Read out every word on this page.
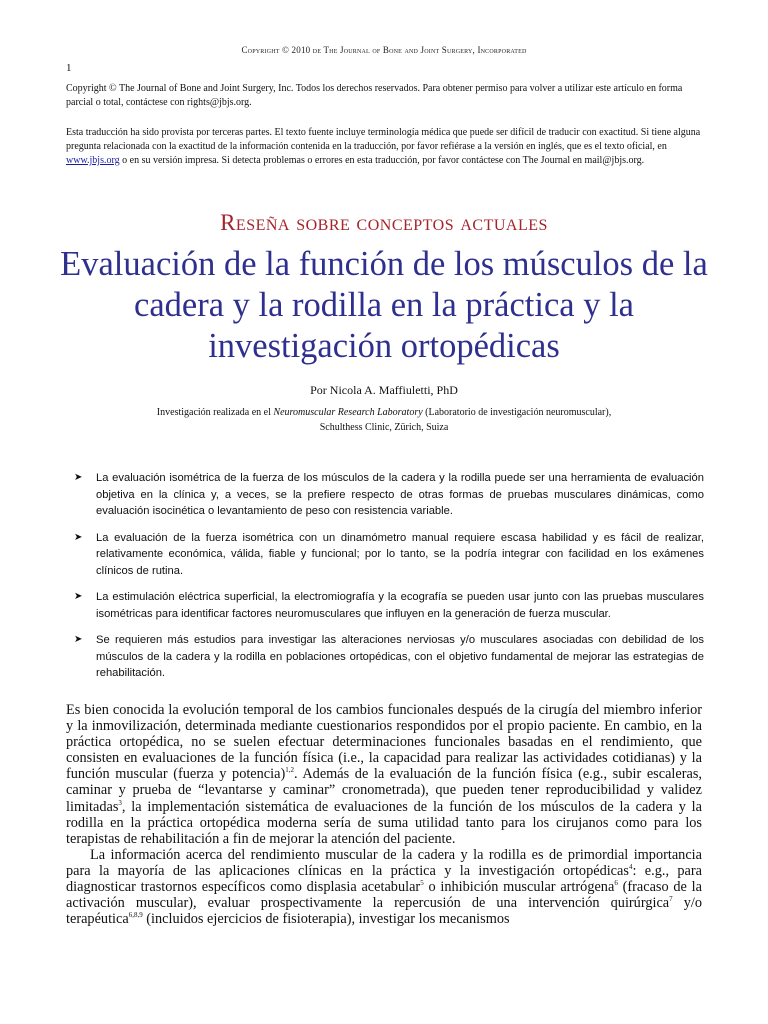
Copyright © 2010 de The Journal of Bone and Joint Surgery, Incorporated
1
Copyright © The Journal of Bone and Joint Surgery, Inc. Todos los derechos reservados. Para obtener permiso para volver a utilizar este artículo en forma parcial o total, contáctese con rights@jbjs.org.
Esta traducción ha sido provista por terceras partes. El texto fuente incluye terminología médica que puede ser difícil de traducir con exactitud. Si tiene alguna pregunta relacionada con la exactitud de la información contenida en la traducción, por favor refiérase a la versión en inglés, que es el texto oficial, en www.jbjs.org o en su versión impresa. Si detecta problemas o errores en esta traducción, por favor contáctese con The Journal en mail@jbjs.org.
Reseña sobre conceptos actuales
Evaluación de la función de los músculos de la cadera y la rodilla en la práctica y la investigación ortopédicas
Por Nicola A. Maffiuletti, PhD
Investigación realizada en el Neuromuscular Research Laboratory (Laboratorio de investigación neuromuscular),
Schulthess Clinic, Zürich, Suiza
➤ La evaluación isométrica de la fuerza de los músculos de la cadera y la rodilla puede ser una herramienta de evaluación objetiva en la clínica y, a veces, se la prefiere respecto de otras formas de pruebas musculares dinámicas, como evaluación isocinética o levantamiento de peso con resistencia variable.
➤ La evaluación de la fuerza isométrica con un dinamómetro manual requiere escasa habilidad y es fácil de realizar, relativamente económica, válida, fiable y funcional; por lo tanto, se la podría integrar con facilidad en los exámenes clínicos de rutina.
➤ La estimulación eléctrica superficial, la electromiografía y la ecografía se pueden usar junto con las pruebas musculares isométricas para identificar factores neuromusculares que influyen en la generación de fuerza muscular.
➤ Se requieren más estudios para investigar las alteraciones nerviosas y/o musculares asociadas con debilidad de los músculos de la cadera y la rodilla en poblaciones ortopédicas, con el objetivo fundamental de mejorar las estrategias de rehabilitación.

Es bien conocida la evolución temporal de los cambios funcionales después de la cirugía del miembro inferior y la inmovilización, determinada mediante cuestionarios respondidos por el propio paciente. En cambio, en la práctica ortopédica, no se suelen efectuar determinaciones funcionales basadas en el rendimiento, que consisten en evaluaciones de la función física (i.e., la capacidad para realizar las actividades cotidianas) y la función muscular (fuerza y potencia)$^{1,2}$. Además de la evaluación de la función física (e.g., subir escaleras, caminar y prueba de “levantarse y caminar” cronometrada), que pueden tener reproducibilidad y validez limitadas$^3$, la implementación sistemática de evaluaciones de la función de los músculos de la cadera y la rodilla en la práctica ortopédica moderna sería de suma utilidad tanto para los cirujanos como para los terapistas de rehabilitación a fin de mejorar la atención del paciente.

La información acerca del rendimiento muscular de la cadera y la rodilla es de primordial importancia para la mayoría de las aplicaciones clínicas en la práctica y la investigación ortopédicas$^4$: e.g., para diagnosticar trastornos específicos como displasia acetabular$^5$ o inhibición muscular artrógena$^6$ (fracaso de la activación muscular), evaluar prospectivamente la repercusión de una intervención quirúrgica$^7$ y/o terapéutica$^{6,8,9}$ (incluidos ejercicios de fisioterapia), investigar los mecanismos
